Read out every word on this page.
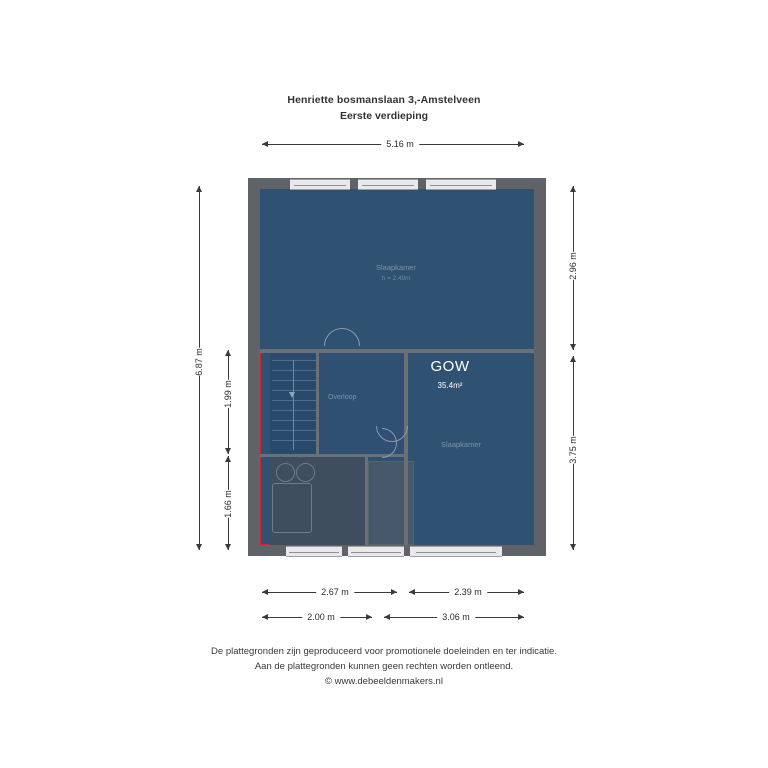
Henriette bosmanslaan 3,-Amstelveen
Eerste verdieping
5.16 m
Slaapkamer
h = 2.49m
Slaapkamer
Overloop
GOW
35.4m²
6.87 m
1.99 m
1.66 m
2.96 m
3.75 m
2.67 m	2.39 m
2.00 m	3.06 m
De plattegronden zijn geproduceerd voor promotionele doeleinden en ter indicatie.
Aan de plattegronden kunnen geen rechten worden ontleend.
© www.debeeldenmakers.nl
